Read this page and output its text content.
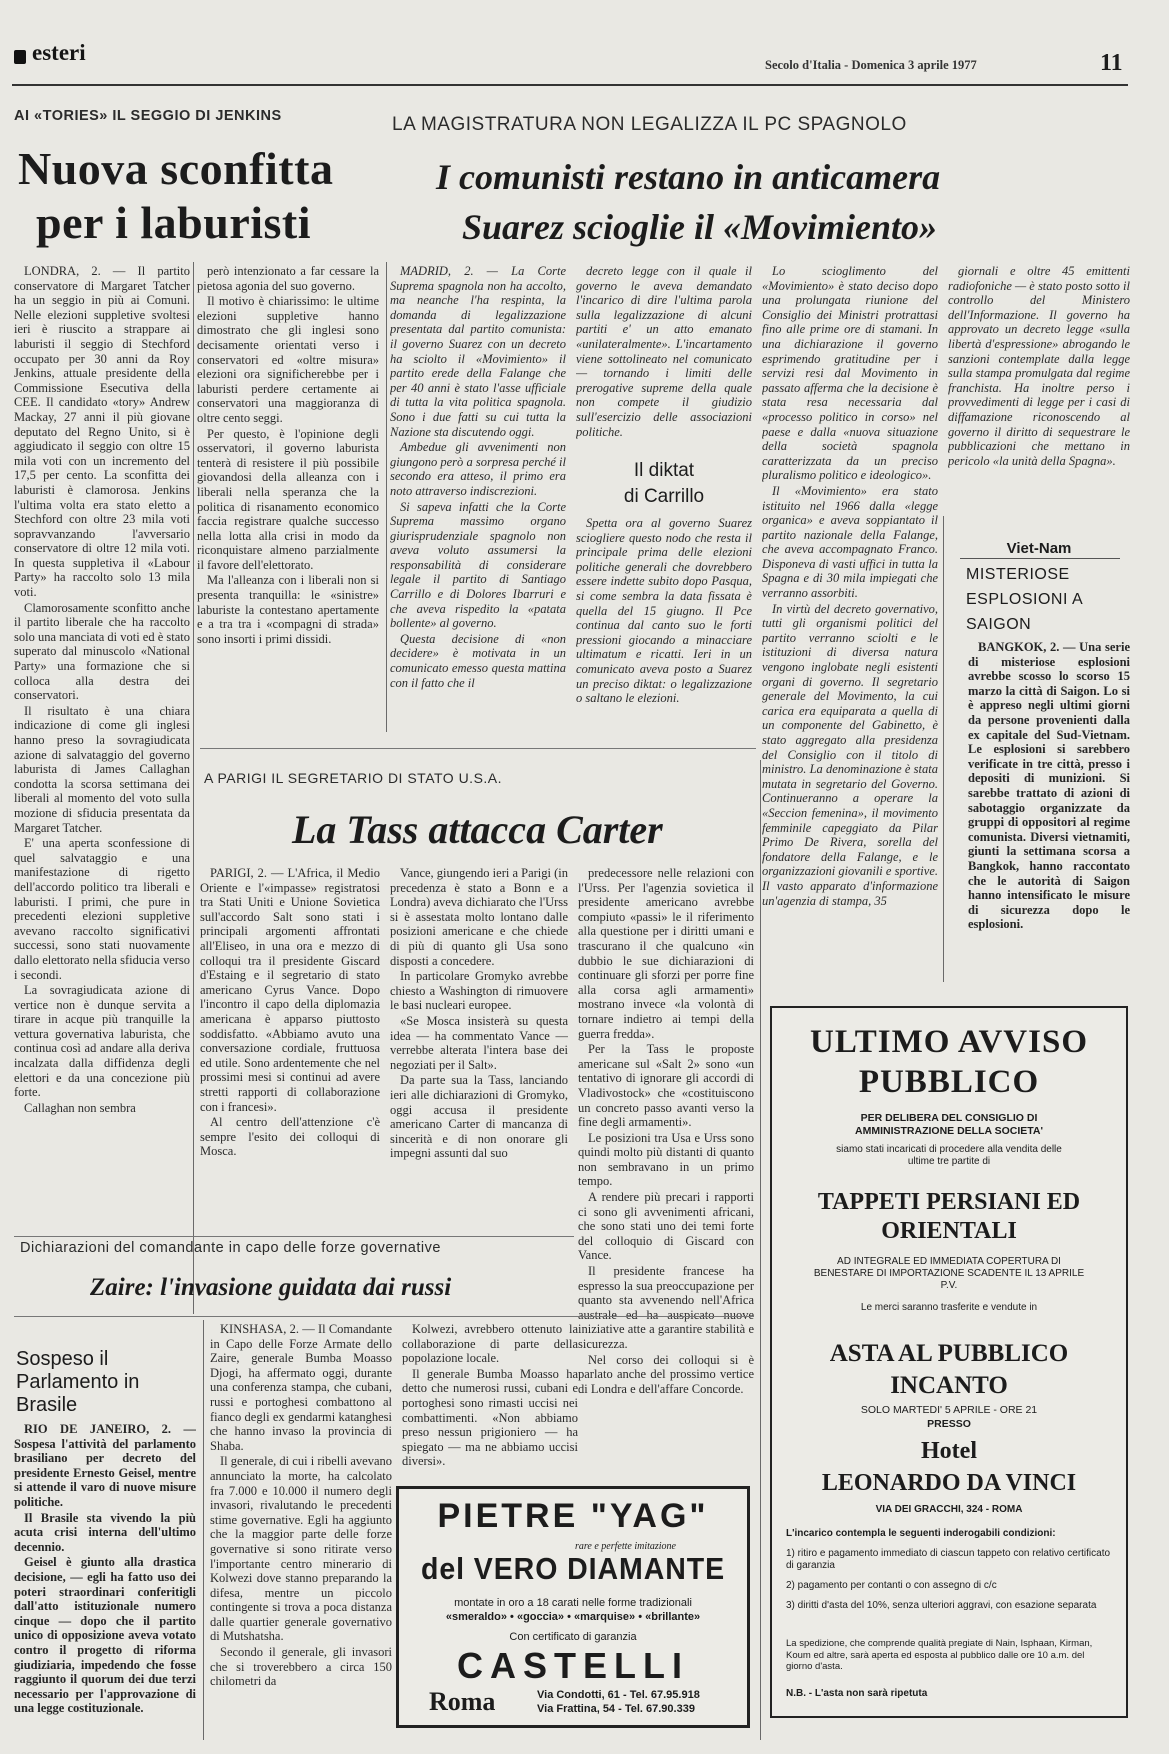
esteri	Secolo d'Italia - Domenica 3 aprile 1977	11
AI «TORIES» IL SEGGIO DI JENKINS
Nuova sconfitta
per i laburisti

LONDRA, 2. — Il partito conservatore di Margaret Tatcher ha un seggio in più ai Comuni. Nelle elezioni suppletive svoltesi ieri è riuscito a strappare ai laburisti il seggio di Stechford occupato per 30 anni da Roy Jenkins, attuale presidente della Commissione Esecutiva della CEE. Il candidato «tory» Andrew Mackay, 27 anni il più giovane deputato del Regno Unito, si è aggiudicato il seggio con oltre 15 mila voti con un incremento del 17,5 per cento. La sconfitta dei laburisti è clamorosa. Jenkins l'ultima volta era stato eletto a Stechford con oltre 23 mila voti sopravvanzando l'avversario conservatore di oltre 12 mila voti. In questa suppletiva il «Labour Party» ha raccolto solo 13 mila voti.

Clamorosamente sconfitto anche il partito liberale che ha raccolto solo una manciata di voti ed è stato superato dal minuscolo «National Party» una formazione che si colloca alla destra dei conservatori.

Il risultato è una chiara indicazione di come gli inglesi hanno preso la sovragiudicata azione di salvataggio del governo laburista di James Callaghan condotta la scorsa settimana dei liberali al momento del voto sulla mozione di sfiducia presentata da Margaret Tatcher.

E' una aperta sconfessione di quel salvataggio e una manifestazione di rigetto dell'accordo politico tra liberali e laburisti. I primi, che pure in precedenti elezioni suppletive avevano raccolto significativi successi, sono stati nuovamente dallo elettorato nella sfiducia verso i secondi.

La sovragiudicata azione di vertice non è dunque servita a tirare in acque più tranquille la vettura governativa laburista, che continua così ad andare alla deriva incalzata dalla diffidenza degli elettori e da una concezione più forte.

Callaghan non sembra

però intenzionato a far cessare la pietosa agonia del suo governo.

Il motivo è chiarissimo: le ultime elezioni suppletive hanno dimostrato che gli inglesi sono decisamente orientati verso i conservatori ed «oltre misura» elezioni ora significherebbe per i laburisti perdere certamente ai conservatori una maggioranza di oltre cento seggi.

Per questo, è l'opinione degli osservatori, il governo laburista tenterà di resistere il più possibile giovandosi della alleanza con i liberali nella speranza che la politica di risanamento economico faccia registrare qualche successo nella lotta alla crisi in modo da riconquistare almeno parzialmente il favore dell'elettorato.

Ma l'alleanza con i liberali non si presenta tranquilla: le «sinistre» laburiste la contestano apertamente e a tra tra i «compagni di strada» sono insorti i primi dissidi.

LA MAGISTRATURA NON LEGALIZZA IL PC SPAGNOLO
I comunisti restano in anticamera
Suarez scioglie il «Movimiento»

MADRID, 2. — La Corte Suprema spagnola non ha accolto, ma neanche l'ha respinta, la domanda di legalizzazione presentata dal partito comunista: il governo Suarez con un decreto ha sciolto il «Movimiento» il partito erede della Falange che per 40 anni è stato l'asse ufficiale di tutta la vita politica spagnola. Sono i due fatti su cui tutta la Nazione sta discutendo oggi.

Ambedue gli avvenimenti non giungono però a sorpresa perché il secondo era atteso, il primo era noto attraverso indiscrezioni.

Si sapeva infatti che la Corte Suprema massimo organo giurisprudenziale spagnolo non aveva voluto assumersi la responsabilità di considerare legale il partito di Santiago Carrillo e di Dolores Ibarruri e che aveva rispedito la «patata bollente» al governo.

Questa decisione di «non decidere» è motivata in un comunicato emesso questa mattina con il fatto che il

decreto legge con il quale il governo le aveva demandato l'incarico di dire l'ultima parola sulla legalizzazione di alcuni partiti e' un atto emanato «unilateralmente». L'incartamento viene sottolineato nel comunicato — tornando i limiti delle prerogative supreme della quale non compete il giudizio sull'esercizio delle associazioni politiche.

Il diktat
di Carrillo

Spetta ora al governo Suarez sciogliere questo nodo che resta il principale prima delle elezioni politiche generali che dovrebbero essere indette subito dopo Pasqua, si come sembra la data fissata è quella del 15 giugno. Il Pce continua dal canto suo le forti pressioni giocando a minacciare ultimatum e ricatti. Ieri in un comunicato aveva posto a Suarez un preciso diktat: o legalizzazione o saltano le elezioni.

Lo scioglimento del «Movimiento» è stato deciso dopo una prolungata riunione del Consiglio dei Ministri protrattasi fino alle prime ore di stamani. In una dichiarazione il governo esprimendo gratitudine per i servizi resi dal Movimento in passato afferma che la decisione è stata resa necessaria dal «processo politico in corso» nel paese e dalla «nuova situazione della società spagnola caratterizzata da un preciso pluralismo politico e ideologico».

Il «Movimiento» era stato istituito nel 1966 dalla «legge organica» e aveva soppiantato il partito nazionale della Falange, che aveva accompagnato Franco. Disponeva di vasti uffici in tutta la Spagna e di 30 mila impiegati che verranno assorbiti.

In virtù del decreto governativo, tutti gli organismi politici del partito verranno sciolti e le istituzioni di diversa natura vengono inglobate negli esistenti organi di governo. Il segretario generale del Movimento, la cui carica era equiparata a quella di un componente del Gabinetto, è stato aggregato alla presidenza del Consiglio con il titolo di ministro. La denominazione è stata mutata in segretario del Governo. Continueranno a operare la «Seccion femenina», il movimento femminile capeggiato da Pilar Primo De Rivera, sorella del fondatore della Falange, e le organizzazioni giovanili e sportive. Il vasto apparato d'informazione un'agenzia di stampa, 35

giornali e oltre 45 emittenti radiofoniche — è stato posto sotto il controllo del Ministero dell'Informazione. Il governo ha approvato un decreto legge «sulla libertà d'espressione» abrogando le sanzioni contemplate dalla legge sulla stampa promulgata dal regime franchista. Ha inoltre perso i provvedimenti di legge per i casi di diffamazione riconoscendo al governo il diritto di sequestrare le pubblicazioni che mettano in pericolo «la unità della Spagna».

Viet-Nam
MISTERIOSE ESPLOSIONI A SAIGON

BANGKOK, 2. — Una serie di misteriose esplosioni avrebbe scosso lo scorso 15 marzo la città di Saigon. Lo si è appreso negli ultimi giorni da persone provenienti dalla ex capitale del Sud-Vietnam. Le esplosioni si sarebbero verificate in tre città, presso i depositi di munizioni. Si sarebbe trattato di azioni di sabotaggio organizzate da gruppi di oppositori al regime comunista. Diversi vietnamiti, giunti la settimana scorsa a Bangkok, hanno raccontato che le autorità di Saigon hanno intensificato le misure di sicurezza dopo le esplosioni.

A PARIGI IL SEGRETARIO DI STATO U.S.A.
La Tass attacca Carter

PARIGI, 2. — L'Africa, il Medio Oriente e l'«impasse» registratosi tra Stati Uniti e Unione Sovietica sull'accordo Salt sono stati i principali argomenti affrontati all'Eliseo, in una ora e mezzo di colloqui tra il presidente Giscard d'Estaing e il segretario di stato americano Cyrus Vance. Dopo l'incontro il capo della diplomazia americana è apparso piuttosto soddisfatto. «Abbiamo avuto una conversazione cordiale, fruttuosa ed utile. Sono ardentemente che nel prossimi mesi si continui ad avere stretti rapporti di collaborazione con i francesi».

Al centro dell'attenzione c'è sempre l'esito dei colloqui di Mosca.

Vance, giungendo ieri a Parigi (in precedenza è stato a Bonn e a Londra) aveva dichiarato che l'Urss si è assestata molto lontano dalle posizioni americane e che chiede di più di quanto gli Usa sono disposti a concedere.

In particolare Gromyko avrebbe chiesto a Washington di rimuovere le basi nucleari europee.

«Se Mosca insisterà su questa idea — ha commentato Vance — verrebbe alterata l'intera base dei negoziati per il Salt».

Da parte sua la Tass, lanciando ieri alle dichiarazioni di Gromyko, oggi accusa il presidente americano Carter di mancanza di sincerità e di non onorare gli impegni assunti dal suo

predecessore nelle relazioni con l'Urss. Per l'agenzia sovietica il presidente americano avrebbe compiuto «passi» le il riferimento alla questione per i diritti umani e trascurano il che qualcuno «in dubbio le sue dichiarazioni di continuare gli sforzi per porre fine alla corsa agli armamenti» mostrano invece «la volontà di tornare indietro ai tempi della guerra fredda».

Per la Tass le proposte americane sul «Salt 2» sono «un tentativo di ignorare gli accordi di Vladivostock» che «costituiscono un concreto passo avanti verso la fine degli armamenti».

Le posizioni tra Usa e Urss sono quindi molto più distanti di quanto non sembravano in un primo tempo.

A rendere più precari i rapporti ci sono gli avvenimenti africani, che sono stati uno dei temi forte del colloquio di Giscard con Vance.

Il presidente francese ha espresso la sua preoccupazione per quanto sta avvenendo nell'Africa australe ed ha auspicato nuove iniziative atte a garantire stabilità e sicurezza.

Nel corso dei colloqui si è parlato anche del prossimo vertice di Londra e dell'affare Concorde.

Dichiarazioni del comandante in capo delle forze governative
Zaire: l'invasione guidata dai russi

KINSHASA, 2. — Il Comandante in Capo delle Forze Armate dello Zaire, generale Bumba Moasso Djogi, ha affermato oggi, durante una conferenza stampa, che cubani, russi e portoghesi combattono al fianco degli ex gendarmi katanghesi che hanno invaso la provincia di Shaba.

Il generale, di cui i ribelli avevano annunciato la morte, ha calcolato fra 7.000 e 10.000 il numero degli invasori, rivalutando le precedenti stime governative. Egli ha aggiunto che la maggior parte delle forze governative si sono ritirate verso l'importante centro minerario di Kolwezi dove stanno preparando la difesa, mentre un piccolo contingente si trova a poca distanza dalle quartier generale governativo di Mutshatsha.

Secondo il generale, gli invasori che si troverebbero a circa 150 chilometri da

Kolwezi, avrebbero ottenuto la collaborazione di parte della popolazione locale.

Il generale Bumba Moasso ha detto che numerosi russi, cubani e portoghesi sono rimasti uccisi nei combattimenti. «Non abbiamo preso nessun prigioniero — ha spiegato — ma ne abbiamo uccisi diversi».

Sospeso il Parlamento in Brasile

RIO DE JANEIRO, 2. — Sospesa l'attività del parlamento brasiliano per decreto del presidente Ernesto Geisel, mentre si attende il varo di nuove misure politiche.

Il Brasile sta vivendo la più acuta crisi interna dell'ultimo decennio.

Geisel è giunto alla drastica decisione, — egli ha fatto uso dei poteri straordinari conferitigli dall'atto istituzionale numero cinque — dopo che il partito unico di opposizione aveva votato contro il progetto di riforma giudiziaria, impedendo che fosse raggiunto il quorum dei due terzi necessario per l'approvazione di una legge costituzionale.

PIETRE "YAG"
rare e perfette imitazione
del VERO DIAMANTE
montate in oro a 18 carati nelle forme tradizionali
«smeraldo» • «goccia» • «marquise» • «brillante»
Con certificato di garanzia
CASTELLI
Roma	Via Condotti, 61 - Tel. 67.95.918
Via Frattina, 54 - Tel. 67.90.339
ULTIMO AVVISO PUBBLICO
PER DELIBERA DEL CONSIGLIO DI AMMINISTRAZIONE DELLA SOCIETA'
siamo stati incaricati di procedere alla vendita delle ultime tre partite di
TAPPETI PERSIANI ED ORIENTALI
AD INTEGRALE ED IMMEDIATA COPERTURA DI BENESTARE DI IMPORTAZIONE SCADENTE IL 13 APRILE P.V.
Le merci saranno trasferite e vendute in
ASTA AL PUBBLICO INCANTO
SOLO MARTEDI' 5 APRILE - ORE 21
PRESSO
Hotel
LEONARDO DA VINCI
VIA DEI GRACCHI, 324 - ROMA
L'incarico contempla le seguenti inderogabili condizioni:
1) ritiro e pagamento immediato di ciascun tappeto con relativo certificato di garanzia
2) pagamento per contanti o con assegno di c/c
3) diritti d'asta del 10%, senza ulteriori aggravi, con esazione separata
La spedizione, che comprende qualità pregiate di Nain, Isphaan, Kirman, Koum ed altre, sarà aperta ed esposta al pubblico dalle ore 10 a.m. del giorno d'asta.
N.B. - L'asta non sarà ripetuta
